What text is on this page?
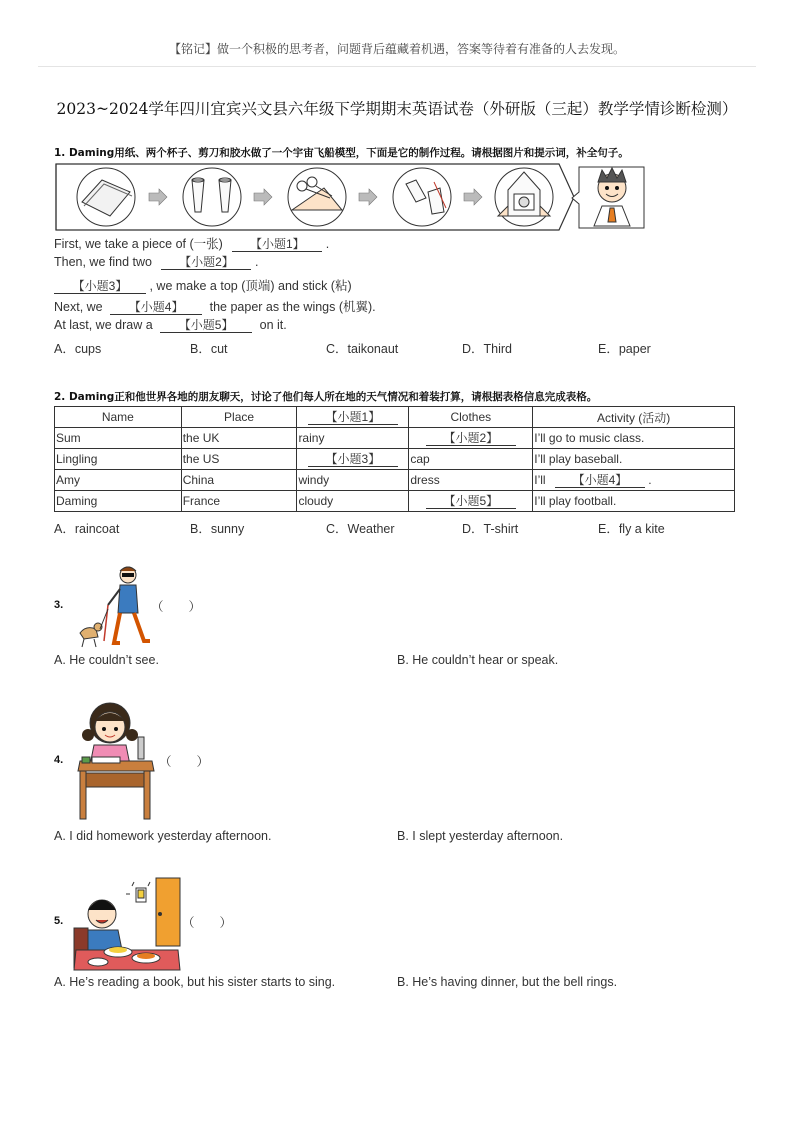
【铭记】做一个积极的思考者，问题背后蕴藏着机遇，答案等待着有准备的人去发现。
2023~2024学年四川宜宾兴文县六年级下学期期末英语试卷（外研版（三起）教学学情诊断检测）
1. Daming用纸、两个杯子、剪刀和胶水做了一个宇宙飞船模型，下面是它的制作过程。请根据图片和提示词，补全句子。
First, we take a piece of (一张) 【小题1】 .
Then, we find two 【小题2】 .
【小题3】 , we make a top (顶端) and stick (粘)
Next, we 【小题4】 the paper as the wings (机翼).
At last, we draw a 【小题5】 on it.
A．cups	B．cut	C．taikonaut	D．Third	E．paper
2. Daming正和他世界各地的朋友聊天，讨论了他们每人所在地的天气情况和着装打算，请根据表格信息完成表格。
Name	Place	【小题1】	Clothes	Activity (活动)
Sum	the UK	rainy	【小题2】	I’ll go to music class.
Lingling	the US	【小题3】	cap	I’ll play baseball.
Amy	China	windy	dress	I’ll 【小题4】 .
Daming	France	cloudy	【小题5】	I’ll play football.
A．raincoat	B．sunny	C．Weather	D．T-shirt	E．fly a kite
3.	（　　）
A. He couldn’t see.	B. He couldn’t hear or speak.
4.	（　　）
A. I did homework yesterday afternoon.	B. I slept yesterday afternoon.
5.	（　　）
A. He’s reading a book, but his sister starts to sing.	B. He’s having dinner, but the bell rings.
